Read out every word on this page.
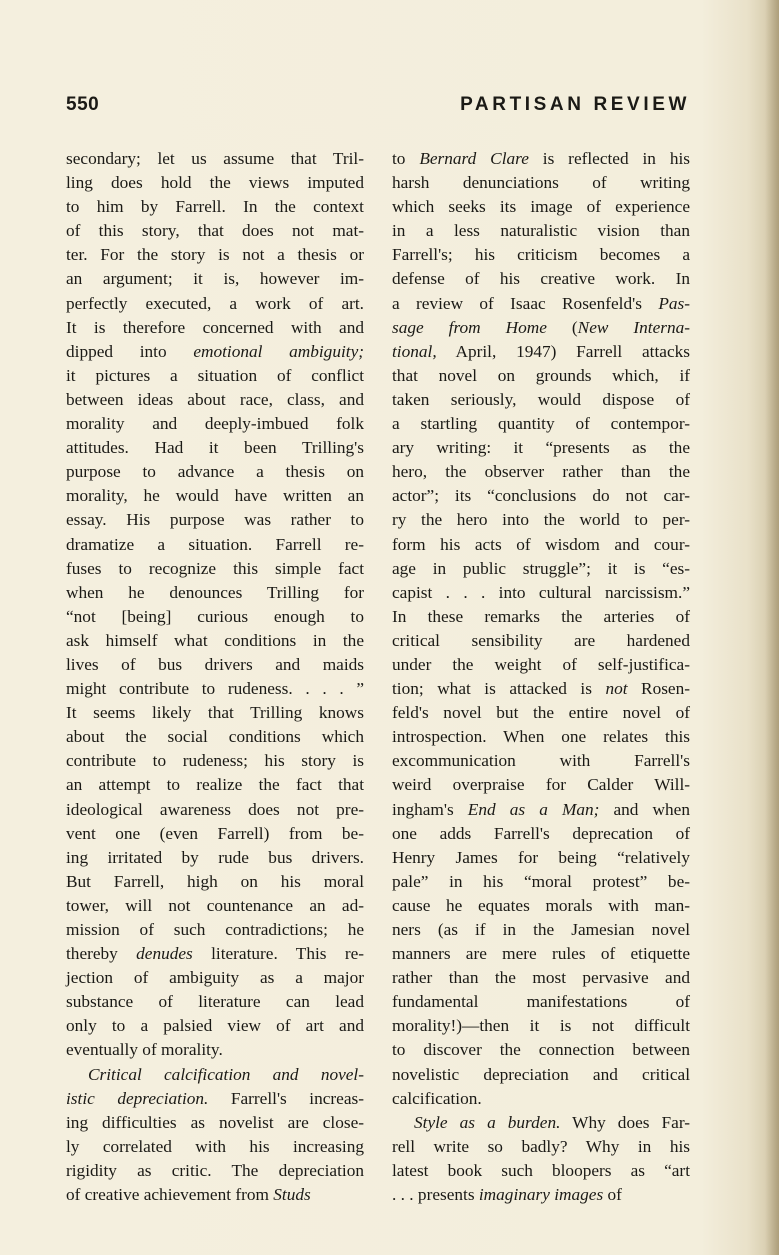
550	PARTISAN REVIEW
secondary; let us assume that Tril-
ling does hold the views imputed
to him by Farrell. In the context
of this story, that does not mat-
ter. For the story is not a thesis or
an argument; it is, however im-
perfectly executed, a work of art.
It is therefore concerned with and
dipped into emotional ambiguity;
it pictures a situation of conflict
between ideas about race, class, and
morality and deeply-imbued folk
attitudes. Had it been Trilling's
purpose to advance a thesis on
morality, he would have written an
essay. His purpose was rather to
dramatize a situation. Farrell re-
fuses to recognize this simple fact
when he denounces Trilling for
“not [being] curious enough to
ask himself what conditions in the
lives of bus drivers and maids
might contribute to rudeness. . . . ”
It seems likely that Trilling knows
about the social conditions which
contribute to rudeness; his story is
an attempt to realize the fact that
ideological awareness does not pre-
vent one (even Farrell) from be-
ing irritated by rude bus drivers.
But Farrell, high on his moral
tower, will not countenance an ad-
mission of such contradictions; he
thereby denudes literature. This re-
jection of ambiguity as a major
substance of literature can lead
only to a palsied view of art and
eventually of morality.
Critical calcification and novel-
istic depreciation. Farrell's increas-
ing difficulties as novelist are close-
ly correlated with his increasing
rigidity as critic. The depreciation
of creative achievement from Studs
to Bernard Clare is reflected in his
harsh denunciations of writing
which seeks its image of experience
in a less naturalistic vision than
Farrell's; his criticism becomes a
defense of his creative work. In
a review of Isaac Rosenfeld's Pas-
sage from Home (New Interna-
tional, April, 1947) Farrell attacks
that novel on grounds which, if
taken seriously, would dispose of
a startling quantity of contempor-
ary writing: it “presents as the
hero, the observer rather than the
actor”; its “conclusions do not car-
ry the hero into the world to per-
form his acts of wisdom and cour-
age in public struggle”; it is “es-
capist . . . into cultural narcissism.”
In these remarks the arteries of
critical sensibility are hardened
under the weight of self-justifica-
tion; what is attacked is not Rosen-
feld's novel but the entire novel of
introspection. When one relates this
excommunication with Farrell's
weird overpraise for Calder Will-
ingham's End as a Man; and when
one adds Farrell's deprecation of
Henry James for being “relatively
pale” in his “moral protest” be-
cause he equates morals with man-
ners (as if in the Jamesian novel
manners are mere rules of etiquette
rather than the most pervasive and
fundamental manifestations of
morality!)—then it is not difficult
to discover the connection between
novelistic depreciation and critical
calcification.
Style as a burden. Why does Far-
rell write so badly? Why in his
latest book such bloopers as “art
. . . presents imaginary images of
